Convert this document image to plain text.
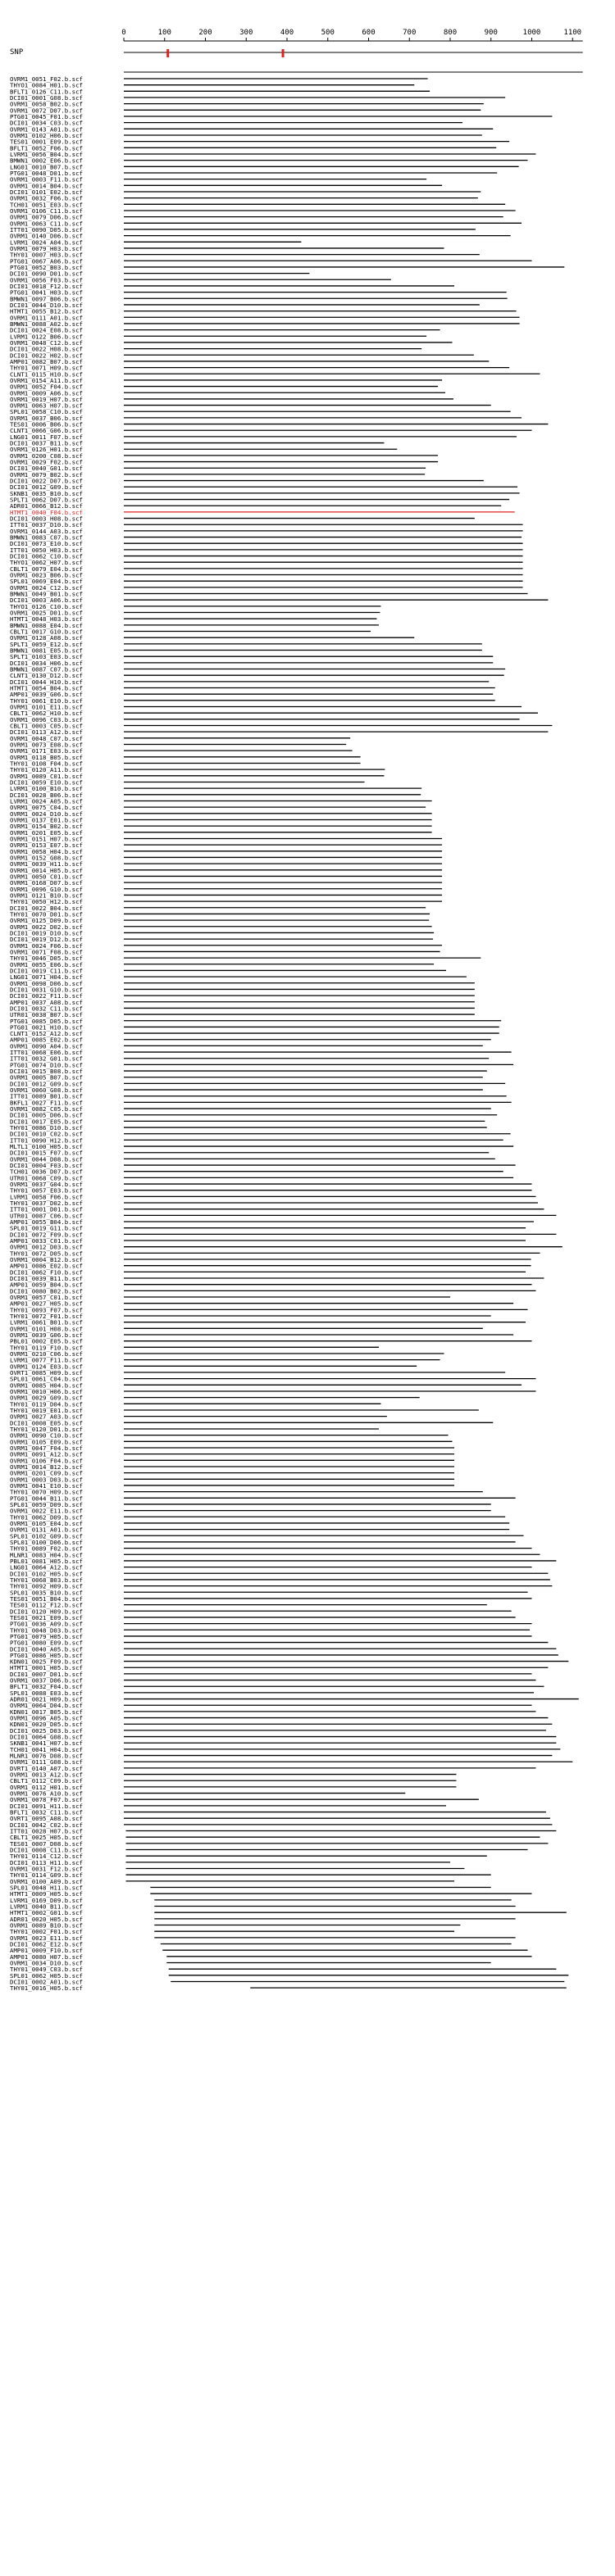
0	100	200	300	400	500	600	700	800	900	1000	1100
SNP
OVRM1_0051_F02.b.scf
THYO1_0084_H01.b.scf
BFLT1_0126_C11.b.scf
DCI01_0001_G08.b.scf
OVRM1_0058_B02.b.scf
OVRM1_0072_D07.b.scf
PTG01_0045_F01.b.scf
DCI01_0034_C03.b.scf
OVRM1_0143_A01.b.scf
OVRM1_0102_H06.b.scf
TES01_0001_E09.b.scf
BFLT1_0052_F06.b.scf
LVRM1_0056_B04.b.scf
BMWN1_0002_E06.b.scf
LNG01_0010_B07.b.scf
PTG01_0048_D01.b.scf
OVRM1_0003_F11.b.scf
OVRM1_0014_B04.b.scf
DCI01_0101_E02.b.scf
OVRM1_0032_F06.b.scf
TCH01_0051_E03.b.scf
OVRM1_0106_C11.b.scf
OVRM1_0079_D06.b.scf
OVRM1_0063_C11.b.scf
ITT01_0090_D05.b.scf
OVRM1_0140_D06.b.scf
LVRM1_0024_A04.b.scf
OVRM1_0079_H03.b.scf
THY01_0007_H03.b.scf
PTG01_0067_A06.b.scf
PTG01_0052_B03.b.scf
DCI01_0090_D01.b.scf
OVRM1_0056_F03.b.scf
DCI01_0018_F12.b.scf
PTG01_0041_H03.b.scf
BMWN1_0097_B06.b.scf
DCI01_0044_D10.b.scf
HTMT1_0055_B12.b.scf
OVRM1_0111_A01.b.scf
BMWN1_0088_A02.b.scf
DCI01_0024_E08.b.scf
LVRM1_0122_B06.b.scf
OVRM1_0048_C12.b.scf
DCI01_0022_H08.b.scf
DCI01_0022_H02.b.scf
AMP01_0082_B07.b.scf
THY01_0071_H09.b.scf
CLNT1_0115_H10.b.scf
OVRM1_0154_A11.b.scf
OVRM1_0052_F04.b.scf
OVRM1_0009_A06.b.scf
OVRM1_0019_H07.b.scf
OVRM1_0063_H07.b.scf
SPL01_0058_C10.b.scf
OVRM1_0037_B06.b.scf
TES01_0006_B06.b.scf
CLNT1_0066_G06.b.scf
LNG01_0011_F07.b.scf
DCI01_0037_B11.b.scf
OVRM1_0126_H01.b.scf
OVRM1_0200_C08.b.scf
OVRM1_0029_F02.b.scf
DCI01_0040_G01.b.scf
OVRM1_0079_B02.b.scf
DCI01_0022_D07.b.scf
DCI01_0012_G09.b.scf
SKNB1_0035_B10.b.scf
SPLT1_0062_D07.b.scf
ADR01_0066_B12.b.scf
HTMT1_0040_F04.b.scf
DCI01_0003_H08.b.scf
ITT01_0037_D10.b.scf
OVRM1_0144_A03.b.scf
BMWN1_0083_C07.b.scf
DCI01_0073_E10.b.scf
ITT01_0050_H03.b.scf
DCI01_0062_C10.b.scf
THYO1_0062_H07.b.scf
CBLT1_0079_E04.b.scf
OVRM1_0023_B06.b.scf
SPL01_0069_E04.b.scf
OVRM1_0024_C12.b.scf
BMWN1_0049_B01.b.scf
DCI01_0003_A06.b.scf
THYO1_0126_C10.b.scf
OVRM1_0025_D01.b.scf
HTMT1_0048_H03.b.scf
BMWN1_0088_E04.b.scf
CBLT1_0017_G10.b.scf
OVRM1_0128_A08.b.scf
SPLT1_0059_E12.b.scf
BMWN1_0081_E05.b.scf
SPLT1_0103_E03.b.scf
DCI01_0034_H06.b.scf
BMWN1_0087_C07.b.scf
CLNT1_0130_D12.b.scf
DCI01_0044_H10.b.scf
HTMT1_0054_B04.b.scf
AMP01_0039_G06.b.scf
THY01_0061_E10.b.scf
OVRM1_0101_E11.b.scf
CBLT1_0062_H10.b.scf
OVRM1_0096_C03.b.scf
CBLT1_0003_C05.b.scf
DCI01_0113_A12.b.scf
OVRM1_0048_C07.b.scf
OVRM1_0073_E08.b.scf
OVRM1_0171_E03.b.scf
OVRM1_0118_B05.b.scf
THY01_0108_F04.b.scf
THY01_0120_A11.b.scf
OVRM1_0089_C01.b.scf
DCI01_0059_E10.b.scf
LVRM1_0100_B10.b.scf
DCI01_0028_B06.b.scf
LVRM1_0024_A05.b.scf
OVRM1_0075_C04.b.scf
OVRM1_0024_D10.b.scf
OVRM1_0137_E01.b.scf
OVRM1_0154_B02.b.scf
OVRM1_0201_E05.b.scf
OVRM1_0151_H07.b.scf
OVRM1_0153_E07.b.scf
OVRM1_0058_H04.b.scf
OVRM1_0152_G08.b.scf
OVRM1_0039_H11.b.scf
OVRM1_0014_H05.b.scf
OVRM1_0050_C01.b.scf
OVRM1_0168_D07.b.scf
OVRM1_0096_G10.b.scf
OVRM1_0121_B10.b.scf
THY01_0050_H12.b.scf
DCI01_0022_B04.b.scf
THY01_0070_D01.b.scf
OVRM1_0125_D09.b.scf
OVRM1_0022_D02.b.scf
DCI01_0019_D10.b.scf
DCI01_0019_D12.b.scf
OVRM1_0024_F06.b.scf
OVRM1_0071_F08.b.scf
THY01_0046_D05.b.scf
OVRM1_0055_E06.b.scf
DCI01_0019_C11.b.scf
LNG01_0071_H04.b.scf
OVRM1_0098_D06.b.scf
DCI01_0031_G10.b.scf
DCI01_0022_F11.b.scf
AMP01_0037_A08.b.scf
DCI01_0032_C11.b.scf
UTR01_0038_B07.b.scf
PTG01_0085_D05.b.scf
PTG01_0021_H10.b.scf
CLNT1_0152_A12.b.scf
AMP01_0085_E02.b.scf
OVRM1_0090_A04.b.scf
ITT01_0068_E06.b.scf
ITT01_0032_G01.b.scf
PTG01_0074_D10.b.scf
DCI01_0015_B08.b.scf
OVRM1_0005_B07.b.scf
DCI01_0012_G09.b.scf
OVRM1_0060_G08.b.scf
ITT01_0089_B01.b.scf
BKFL1_0027_F11.b.scf
OVRM1_0082_C05.b.scf
DCI01_0005_D06.b.scf
DCI01_0017_E05.b.scf
THY01_0086_D10.b.scf
DCI01_0010_C02.b.scf
ITT01_0090_H12.b.scf
MLTL1_0100_H05.b.scf
DCI01_0015_F07.b.scf
OVRM1_0044_D08.b.scf
DCI01_0004_F03.b.scf
TCH01_0036_D07.b.scf
UTR01_0068_C09.b.scf
OVRM1_0037_G04.b.scf
THY01_0057_E03.b.scf
LVRM1_0058_F06.b.scf
THY01_0037_D02.b.scf
ITT01_0001_D01.b.scf
UTR01_0087_C06.b.scf
AMP01_0055_B04.b.scf
SPL01_0019_G11.b.scf
DCI01_0072_F09.b.scf
AMP01_0033_C01.b.scf
OVRM1_0012_D03.b.scf
THY01_0072_D05.b.scf
OVRM1_0004_B12.b.scf
AMP01_0086_E02.b.scf
DCI01_0062_F10.b.scf
DCI01_0039_B11.b.scf
AMP01_0059_B04.b.scf
DCI01_0080_B02.b.scf
OVRM1_0057_C01.b.scf
AMP01_0027_H05.b.scf
THY01_0093_F07.b.scf
THY01_0072_F01.b.scf
LVRM1_0061_B01.b.scf
OVRM1_0101_H08.b.scf
OVRM1_0039_G06.b.scf
PBL01_0002_E05.b.scf
THY01_0119_F10.b.scf
OVRM1_0210_C06.b.scf
LVRM1_0077_F11.b.scf
OVRM1_0124_E03.b.scf
OVRT1_0085_H09.b.scf
SPL01_0061_C04.b.scf
OVRM1_0085_H04.b.scf
OVRM1_0010_H06.b.scf
OVRM1_0029_G09.b.scf
THY01_0119_D04.b.scf
THY01_0019_E01.b.scf
OVRM1_0027_A03.b.scf
DCI01_0008_E05.b.scf
THY01_0120_D01.b.scf
OVRM1_0090_C10.b.scf
OVRM1_0105_E09.b.scf
OVRM1_0047_F04.b.scf
OVRM1_0091_A12.b.scf
OVRM1_0106_F04.b.scf
OVRM1_0014_B12.b.scf
OVRM1_0201_C09.b.scf
OVRM1_0003_D03.b.scf
OVRM1_0041_E10.b.scf
THY01_0070_H09.b.scf
PTG01_0044_B11.b.scf
SPL01_0059_D09.b.scf
OVRM1_0022_E11.b.scf
THY01_0062_D09.b.scf
OVRM1_0105_E04.b.scf
OVRM1_0131_A01.b.scf
SPL01_0102_G09.b.scf
SPL01_0100_D06.b.scf
THY01_0089_F02.b.scf
MLNR1_0083_H04.b.scf
PBL01_0081_H05.b.scf
LNG01_0064_A12.b.scf
DCI01_0102_H05.b.scf
THY01_0068_B03.b.scf
THY01_0092_H09.b.scf
SPL01_0035_B10.b.scf
TES01_0051_B04.b.scf
TES01_0112_F12.b.scf
DCI01_0120_H09.b.scf
TES01_0021_E09.b.scf
PTG01_0036_A09.b.scf
THY01_0048_D03.b.scf
PTG01_0079_H05.b.scf
PTG01_0080_E09.b.scf
DCI01_0040_A05.b.scf
PTG01_0086_H05.b.scf
KDN01_0025_F09.b.scf
HTMT1_0001_H05.b.scf
DCI01_0007_D01.b.scf
OVRM1_0037_D06.b.scf
BFLT1_0032_F04.b.scf
SPL01_0088_E03.b.scf
ADR01_0021_H09.b.scf
OVRM1_0064_D04.b.scf
KDN01_0017_B05.b.scf
OVRM1_0096_A05.b.scf
KDN01_0020_D05.b.scf
DCI01_0025_D03.b.scf
DCI01_0064_G08.b.scf
SKNB1_0041_H07.b.scf
TCH01_0041_H04.b.scf
MLNR1_0076_D08.b.scf
OVRM1_0111_G08.b.scf
DVRT1_0140_A07.b.scf
OVRM1_0013_A12.b.scf
CBLT1_0112_C09.b.scf
OVRM1_0112_H01.b.scf
OVRM1_0076_A10.b.scf
OVRM1_0078_F07.b.scf
DCI01_0091_H11.b.scf
BFLT1_0032_C11.b.scf
OVRT1_0095_A08.b.scf
DCI01_0042_C02.b.scf
ITT01_0028_H07.b.scf
CBLT1_0025_H05.b.scf
TES01_0007_D08.b.scf
DCI01_0008_C11.b.scf
THY01_0114_C12.b.scf
DCI01_0113_H11.b.scf
OVRM1_0031_F12.b.scf
THY01_0114_G09.b.scf
OVRM1_0100_A09.b.scf
SPL01_0048_H11.b.scf
HTMT1_0009_H05.b.scf
LVRM1_0169_D09.b.scf
LVRM1_0040_B11.b.scf
HTMT1_0002_G01.b.scf
ADR01_0020_H05.b.scf
OVRM1_0089_B10.b.scf
THY01_0002_F01.b.scf
OVRM1_0023_E11.b.scf
DCI01_0062_E12.b.scf
AMP01_0009_F10.b.scf
AMP01_0080_H07.b.scf
OVRM1_0034_D10.b.scf
THY01_0049_C03.b.scf
SPL01_0062_H05.b.scf
DCI01_0002_A01.b.scf
THY01_0016_H05.b.scf
